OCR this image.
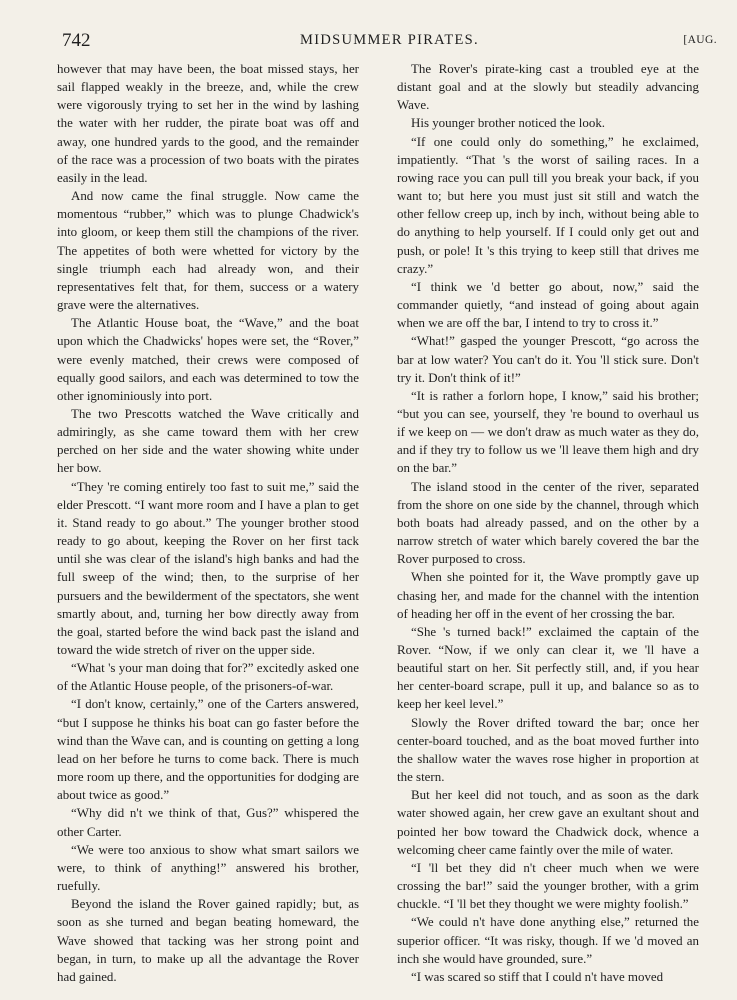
742	MIDSUMMER PIRATES.	[AUG.

however that may have been, the boat missed stays, her sail flapped weakly in the breeze, and, while the crew were vigorously trying to set her in the wind by lashing the water with her rudder, the pirate boat was off and away, one hundred yards to the good, and the remainder of the race was a procession of two boats with the pirates easily in the lead.

And now came the final struggle. Now came the momentous “rubber,” which was to plunge Chadwick's into gloom, or keep them still the champions of the river. The appetites of both were whetted for victory by the single triumph each had already won, and their representatives felt that, for them, success or a watery grave were the alternatives.

The Atlantic House boat, the “Wave,” and the boat upon which the Chadwicks' hopes were set, the “Rover,” were evenly matched, their crews were composed of equally good sailors, and each was determined to tow the other ignominiously into port.

The two Prescotts watched the Wave critically and admiringly, as she came toward them with her crew perched on her side and the water showing white under her bow.

“They 're coming entirely too fast to suit me,” said the elder Prescott. “I want more room and I have a plan to get it. Stand ready to go about.” The younger brother stood ready to go about, keeping the Rover on her first tack until she was clear of the island's high banks and had the full sweep of the wind; then, to the surprise of her pursuers and the bewilderment of the spectators, she went smartly about, and, turning her bow directly away from the goal, started before the wind back past the island and toward the wide stretch of river on the upper side.

“What 's your man doing that for?” excitedly asked one of the Atlantic House people, of the prisoners-of-war.

“I don't know, certainly,” one of the Carters answered, “but I suppose he thinks his boat can go faster before the wind than the Wave can, and is counting on getting a long lead on her before he turns to come back. There is much more room up there, and the opportunities for dodging are about twice as good.”

“Why did n't we think of that, Gus?” whispered the other Carter.

“We were too anxious to show what smart sailors we were, to think of anything!” answered his brother, ruefully.

Beyond the island the Rover gained rapidly; but, as soon as she turned and began beating homeward, the Wave showed that tacking was her strong point and began, in turn, to make up all the advantage the Rover had gained.

The Rover's pirate-king cast a troubled eye at the distant goal and at the slowly but steadily advancing Wave.

His younger brother noticed the look.

“If one could only do something,” he exclaimed, impatiently. “That 's the worst of sailing races. In a rowing race you can pull till you break your back, if you want to; but here you must just sit still and watch the other fellow creep up, inch by inch, without being able to do anything to help yourself. If I could only get out and push, or pole! It 's this trying to keep still that drives me crazy.”

“I think we 'd better go about, now,” said the commander quietly, “and instead of going about again when we are off the bar, I intend to try to cross it.”

“What!” gasped the younger Prescott, “go across the bar at low water? You can't do it. You 'll stick sure. Don't try it. Don't think of it!”

“It is rather a forlorn hope, I know,” said his brother; “but you can see, yourself, they 're bound to overhaul us if we keep on — we don't draw as much water as they do, and if they try to follow us we 'll leave them high and dry on the bar.”

The island stood in the center of the river, separated from the shore on one side by the channel, through which both boats had already passed, and on the other by a narrow stretch of water which barely covered the bar the Rover purposed to cross.

When she pointed for it, the Wave promptly gave up chasing her, and made for the channel with the intention of heading her off in the event of her crossing the bar.

“She 's turned back!” exclaimed the captain of the Rover. “Now, if we only can clear it, we 'll have a beautiful start on her. Sit perfectly still, and, if you hear her center-board scrape, pull it up, and balance so as to keep her keel level.”

Slowly the Rover drifted toward the bar; once her center-board touched, and as the boat moved further into the shallow water the waves rose higher in proportion at the stern.

But her keel did not touch, and as soon as the dark water showed again, her crew gave an exultant shout and pointed her bow toward the Chadwick dock, whence a welcoming cheer came faintly over the mile of water.

“I 'll bet they did n't cheer much when we were crossing the bar!” said the younger brother, with a grim chuckle. “I 'll bet they thought we were mighty foolish.”

“We could n't have done anything else,” returned the superior officer. “It was risky, though. If we 'd moved an inch she would have grounded, sure.”

“I was scared so stiff that I could n't have moved
